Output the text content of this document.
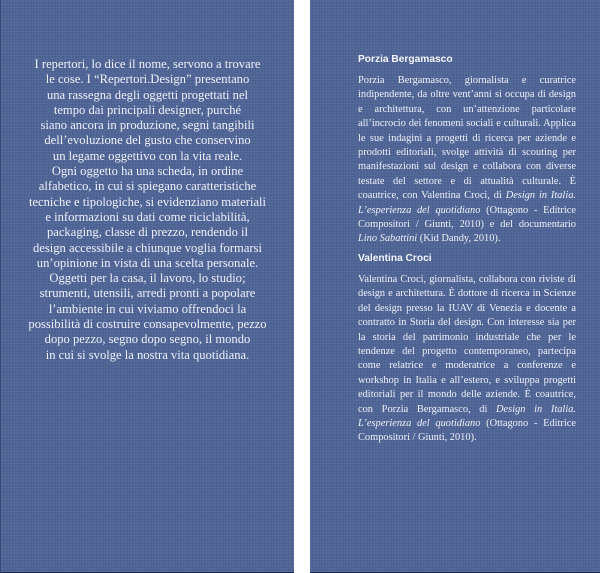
I repertori, lo dice il nome, servono a trovare

le cose. I “Repertori.Design” presentano

una rassegna degli oggetti progettati nel

tempo dai principali designer, purché

siano ancora in produzione, segni tangibili

dell’evoluzione del gusto che conservino

un legame oggettivo con la vita reale.

Ogni oggetto ha una scheda, in ordine

alfabetico, in cui si spiegano caratteristiche

tecniche e tipologiche, si evidenziano materiali

e informazioni su dati come riciclabilità,

packaging, classe di prezzo, rendendo il

design accessibile a chiunque voglia formarsi

un’opinione in vista di una scelta personale.

Oggetti per la casa, il lavoro, lo studio;

strumenti, utensili, arredi pronti a popolare

l’ambiente in cui viviamo offrendoci la

possibilità di costruire consapevolmente, pezzo

dopo pezzo, segno dopo segno, il mondo

in cui si svolge la nostra vita quotidiana.

Porzia Bergamasco

Porzia Bergamasco, giornalista e curatrice indipendente, da oltre vent’anni si occupa di design e architettura, con un’attenzione particolare all’incrocio dei fenomeni sociali e culturali. Applica le sue indagini a progetti di ricerca per aziende e prodotti editoriali, svolge attività di scouting per manifestazioni sul design e collabora con diverse testate del settore e di attualità culturale. È coautrice, con Valentina Croci, di Design in Italia. L’esperienza del quotidiano (Ottagono - Editrice Compositori / Giunti, 2010) e del documentario Lino Sabattini (Kid Dandy, 2010).

Valentina Croci

Valentina Croci, giornalista, collabora con riviste di design e architettura. È dottore di ricerca in Scienze del design presso la IUAV di Venezia e docente a contratto in Storia del design. Con interesse sia per la storia del patrimonio industriale che per le tendenze del progetto contemporaneo, partecipa come relatrice e moderatrice a conferenze e workshop in Italia e all’estero, e sviluppa progetti editoriali per il mondo delle aziende. È coautrice, con Porzia Bergamasco, di Design in Italia. L’esperienza del quotidiano (Ottagono - Editrice Compositori / Giunti, 2010).
